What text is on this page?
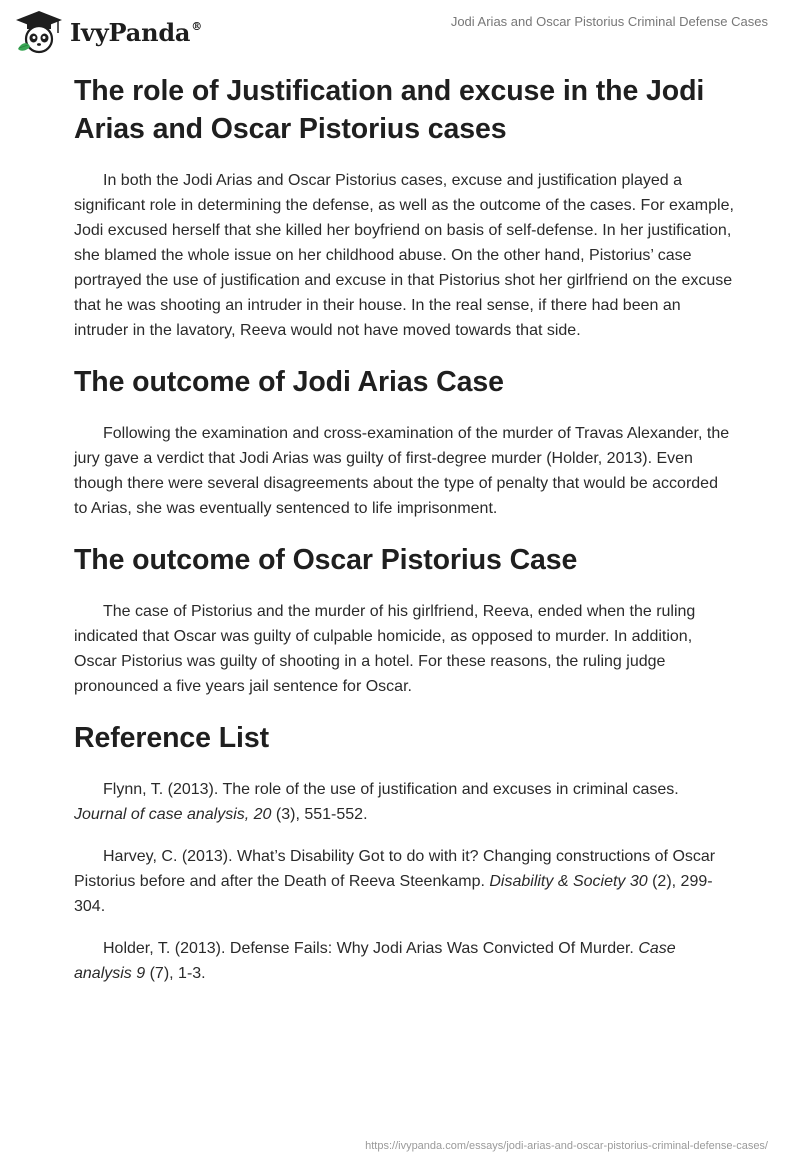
IvyPanda®	Jodi Arias and Oscar Pistorius Criminal Defense Cases
The role of Justification and excuse in the Jodi Arias and Oscar Pistorius cases

In both the Jodi Arias and Oscar Pistorius cases, excuse and justification played a significant role in determining the defense, as well as the outcome of the cases. For example, Jodi excused herself that she killed her boyfriend on basis of self-defense. In her justification, she blamed the whole issue on her childhood abuse. On the other hand, Pistorius’ case portrayed the use of justification and excuse in that Pistorius shot her girlfriend on the excuse that he was shooting an intruder in their house. In the real sense, if there had been an intruder in the lavatory, Reeva would not have moved towards that side.

The outcome of Jodi Arias Case

Following the examination and cross-examination of the murder of Travas Alexander, the jury gave a verdict that Jodi Arias was guilty of first-degree murder (Holder, 2013). Even though there were several disagreements about the type of penalty that would be accorded to Arias, she was eventually sentenced to life imprisonment.

The outcome of Oscar Pistorius Case

The case of Pistorius and the murder of his girlfriend, Reeva, ended when the ruling indicated that Oscar was guilty of culpable homicide, as opposed to murder. In addition, Oscar Pistorius was guilty of shooting in a hotel. For these reasons, the ruling judge pronounced a five years jail sentence for Oscar.

Reference List

Flynn, T. (2013). The role of the use of justification and excuses in criminal cases. Journal of case analysis, 20 (3), 551-552.

Harvey, C. (2013). What’s Disability Got to do with it? Changing constructions of Oscar Pistorius before and after the Death of Reeva Steenkamp. Disability & Society 30 (2), 299-304.

Holder, T. (2013). Defense Fails: Why Jodi Arias Was Convicted Of Murder. Case analysis 9 (7), 1-3.

https://ivypanda.com/essays/jodi-arias-and-oscar-pistorius-criminal-defense-cases/
